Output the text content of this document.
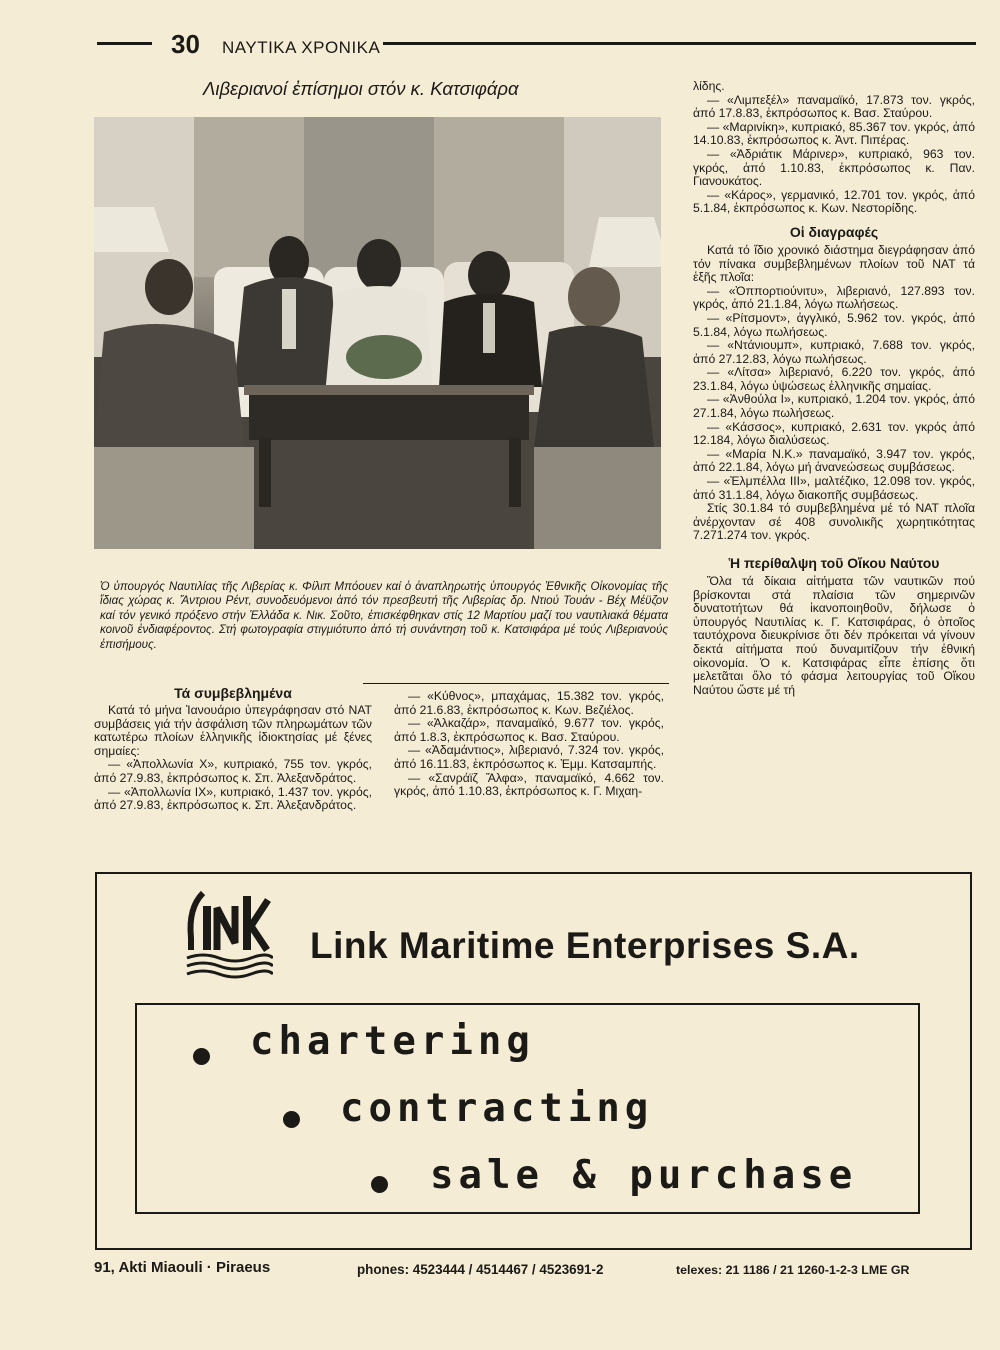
30 ΝΑΥΤΙΚΑ ΧΡΟΝΙΚΑ
Λιβεριανοί ἐπίσημοι στόν κ. Κατσιφάρα

Ὁ ὑπουργός Ναυτιλίας τῆς Λιβερίας κ. Φίλιπ Μπόουεν καί ὁ ἀναπληρωτής ὑπουργός Ἐθνικῆς Οἰκονομίας τῆς ἴδιας χώρας κ. Ἄντριου Ρέντ, συνοδευόμενοι ἀπό τόν πρεσβευτή τῆς Λιβερίας δρ. Ντιού Τουάν - Βέχ Μέϋζον καί τόν γενικό πρόξενο στήν Ἑλλάδα κ. Νικ. Σοῦτο, ἐπισκέφθηκαν στίς 12 Μαρτίου μαζί του ναυτιλιακά θέματα κοινοῦ ἐνδιαφέροντος. Στή φωτογραφία στιγμιότυπο ἀπό τή συνάντηση τοῦ κ. Κατσιφάρα μέ τούς Λιβεριανούς ἐπισήμους.

Τά συμβεβλημένα

Κατά τό μήνα Ἰανουάριο ὑπεγράφησαν στό ΝΑΤ συμβάσεις γιά τήν ἀσφάλιση τῶν πληρωμάτων τῶν κατωτέρω πλοίων ἑλληνικῆς ἰδιοκτησίας μέ ξένες σημαίες:

— «Ἀπολλωνία Χ», κυπριακό, 755 τον. γκρός, ἀπό 27.9.83, ἐκπρόσωπος κ. Σπ. Ἀλεξανδράτος.

— «Ἀπολλωνία ΙΧ», κυπριακό, 1.437 τον. γκρός, ἀπό 27.9.83, ἐκπρόσωπος κ. Σπ. Ἀλεξανδράτος.

— «Κύθνος», μπαχάμας, 15.382 τον. γκρός, ἀπό 21.6.83, ἐκπρόσωπος κ. Κων. Βεζιέλος.

— «Ἀλκαζάρ», παναμαϊκό, 9.677 τον. γκρός, ἀπό 1.8.3, ἐκπρόσωπος κ. Βασ. Σταύρου.

— «Ἀδαμάντιος», λιβεριανό, 7.324 τον. γκρός, ἀπό 16.11.83, ἐκπρόσωπος κ. Ἐμμ. Κατσαμπής.

— «Σανράϊζ Ἄλφα», παναμαϊκό, 4.662 τον. γκρός, ἀπό 1.10.83, ἐκπρόσωπος κ. Γ. Μιχαη-

λίδης.

— «Λιμπεξέλ» παναμαϊκό, 17.873 τον. γκρός, ἀπό 17.8.83, ἐκπρόσωπος κ. Βασ. Σταύρου.

— «Μαρινίκη», κυπριακό, 85.367 τον. γκρός, ἀπό 14.10.83, ἐκπρόσωπος κ. Ἀντ. Πιπέρας.

— «Ἀδριάτικ Μάρινερ», κυπριακό, 963 τον. γκρός, ἀπό 1.10.83, ἐκπρόσωπος κ. Παν. Γιανουκάτος.

— «Κάρος», γερμανικό, 12.701 τον. γκρός, ἀπό 5.1.84, ἐκπρόσωπος κ. Κων. Νεστορίδης.

Οἱ διαγραφές

Κατά τό ἴδιο χρονικό διάστημα διεγράφησαν ἀπό τόν πίνακα συμβεβλημένων πλοίων τοῦ ΝΑΤ τά ἑξῆς πλοῖα:

— «Ὀππορτιούνιτυ», λιβεριανό, 127.893 τον. γκρός, ἀπό 21.1.84, λόγω πωλήσεως.

— «Ρίτσμοντ», ἀγγλικό, 5.962 τον. γκρός, ἀπό 5.1.84, λόγω πωλήσεως.

— «Ντάνιουμπ», κυπριακό, 7.688 τον. γκρός, ἀπό 27.12.83, λόγω πωλήσεως.

— «Λίτσα» λιβεριανό, 6.220 τον. γκρός, ἀπό 23.1.84, λόγω ὑψώσεως ἑλληνικῆς σημαίας.

— «Ἀνθούλα Ι», κυπριακό, 1.204 τον. γκρός, ἀπό 27.1.84, λόγω πωλήσεως.

— «Κάσσος», κυπριακό, 2.631 τον. γκρός ἀπό 12.184, λόγω διαλύσεως.

— «Μαρία Ν.Κ.» παναμαϊκό, 3.947 τον. γκρός, ἀπό 22.1.84, λόγω μή ἀνανεώσεως συμβάσεως.

— «Ἐλμπέλλα ΙΙΙ», μαλτέζικο, 12.098 τον. γκρός, ἀπό 31.1.84, λόγω διακοπῆς συμβάσεως.

Στίς 30.1.84 τό συμβεβλημένα μέ τό ΝΑΤ πλοῖα ἀνέρχονταν σέ 408 συνολικῆς χωρητικότητας 7.271.274 τον. γκρός.

Ἡ περίθαλψη τοῦ Οἴκου Ναύτου

Ὅλα τά δίκαια αἰτήματα τῶν ναυτικῶν πού βρίσκονται στά πλαίσια τῶν σημερινῶν δυνατοτήτων θά ἱκανοποιηθοῦν, δήλωσε ὁ ὑπουργός Ναυτιλίας κ. Γ. Κατσιφάρας, ὁ ὁποῖος ταυτόχρονα διευκρίνισε ὅτι δέν πρόκειται νά γίνουν δεκτά αἰτήματα πού δυναμιτίζουν τήν ἐθνική οἰκονομία. Ὁ κ. Κατσιφάρας εἶπε ἐπίσης ὅτι μελετᾶται ὅλο τό φάσμα λειτουργίας τοῦ Οἴκου Ναύτου ὥστε μέ τή

Link Maritime Enterprises S.A.
chartering
contracting
sale & purchase
91, Akti Miaouli · Piraeus	phones: 4523444 / 4514467 / 4523691-2	telexes: 21 1186 / 21 1260-1-2-3 LME GR
